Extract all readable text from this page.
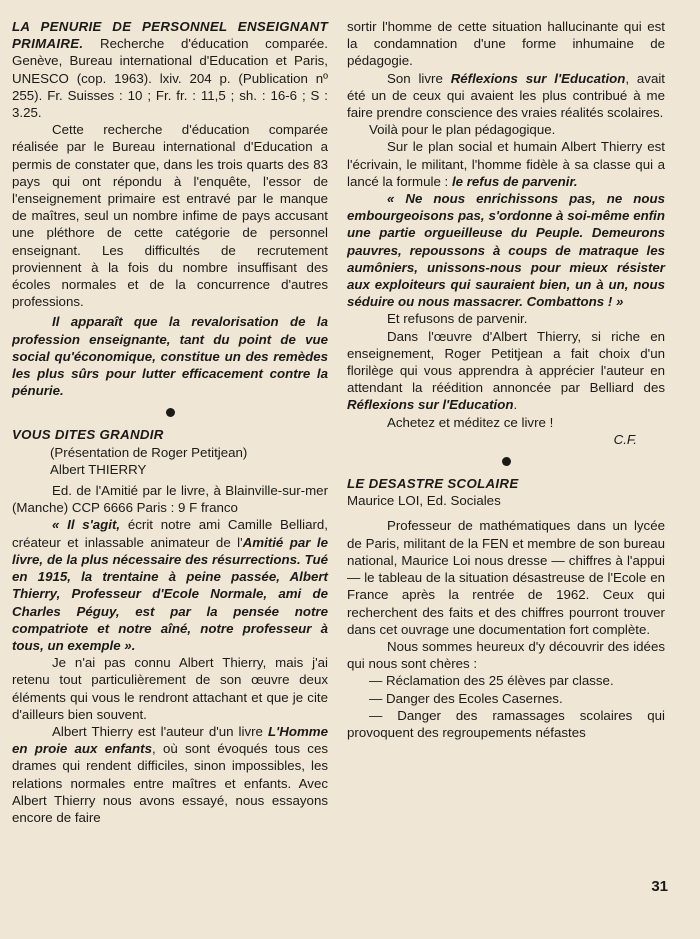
LA PENURIE DE PERSONNEL ENSEIGNANT PRIMAIRE. Recherche d'éducation comparée. Genève, Bureau international d'Education et Paris, UNESCO (cop. 1963). lxiv. 204 p. (Publication nº 255). Fr. Suisses : 10 ; Fr. fr. : 11,5 ; sh. : 16-6 ; S : 3.25.

Cette recherche d'éducation comparée réalisée par le Bureau international d'Education a permis de constater que, dans les trois quarts des 83 pays qui ont répondu à l'enquête, l'essor de l'enseignement primaire est entravé par le manque de maîtres, seul un nombre infime de pays accusant une pléthore de cette catégorie de personnel enseignant. Les difficultés de recrutement proviennent à la fois du nombre insuffisant des écoles normales et de la concurrence d'autres professions.

Il apparaît que la revalorisation de la profession enseignante, tant du point de vue social qu'économique, constitue un des remèdes les plus sûrs pour lutter efficacement contre la pénurie.

VOUS DITES GRANDIR

(Présentation de Roger Petitjean)

Albert THIERRY

Ed. de l'Amitié par le livre, à Blainville-sur-mer (Manche) CCP 6666 Paris : 9 F franco

« Il s'agit, écrit notre ami Camille Belliard, créateur et inlassable animateur de l'Amitié par le livre, de la plus nécessaire des résurrections. Tué en 1915, la trentaine à peine passée, Albert Thierry, Professeur d'Ecole Normale, ami de Charles Péguy, est par la pensée notre compatriote et notre aîné, notre professeur à tous, un exemple ».

Je n'ai pas connu Albert Thierry, mais j'ai retenu tout particulièrement de son œuvre deux éléments qui vous le rendront attachant et que je cite d'ailleurs bien souvent.

Albert Thierry est l'auteur d'un livre L'Homme en proie aux enfants, où sont évoqués tous ces drames qui rendent difficiles, sinon impossibles, les relations normales entre maîtres et enfants. Avec Albert Thierry nous avons essayé, nous essayons encore de faire

sortir l'homme de cette situation hallucinante qui est la condamnation d'une forme inhumaine de pédagogie.

Son livre Réflexions sur l'Education, avait été un de ceux qui avaient les plus contribué à me faire prendre conscience des vraies réalités scolaires.

Voilà pour le plan pédagogique.

Sur le plan social et humain Albert Thierry est l'écrivain, le militant, l'homme fidèle à sa classe qui a lancé la formule : le refus de parvenir.

« Ne nous enrichissons pas, ne nous embourgeoisons pas, s'ordonne à soi-même enfin une partie orgueilleuse du Peuple. Demeurons pauvres, repoussons à coups de matraque les aumôniers, unissons-nous pour mieux résister aux exploiteurs qui sauraient bien, un à un, nous séduire ou nous massacrer. Combattons ! »

Et refusons de parvenir.

Dans l'œuvre d'Albert Thierry, si riche en enseignement, Roger Petitjean a fait choix d'un florilège qui vous apprendra à apprécier l'auteur en attendant la réédition annoncée par Belliard des Réflexions sur l'Education.

Achetez et méditez ce livre !

C.F.

LE DESASTRE SCOLAIRE

Maurice LOI, Ed. Sociales

Professeur de mathématiques dans un lycée de Paris, militant de la FEN et membre de son bureau national, Maurice Loi nous dresse — chiffres à l'appui — le tableau de la situation désastreuse de l'Ecole en France après la rentrée de 1962. Ceux qui recherchent des faits et des chiffres pourront trouver dans cet ouvrage une documentation fort complète.

Nous sommes heureux d'y découvrir des idées qui nous sont chères :

— Réclamation des 25 élèves par classe.

— Danger des Ecoles Casernes.

— Danger des ramassages scolaires qui provoquent des regroupements néfastes

31
